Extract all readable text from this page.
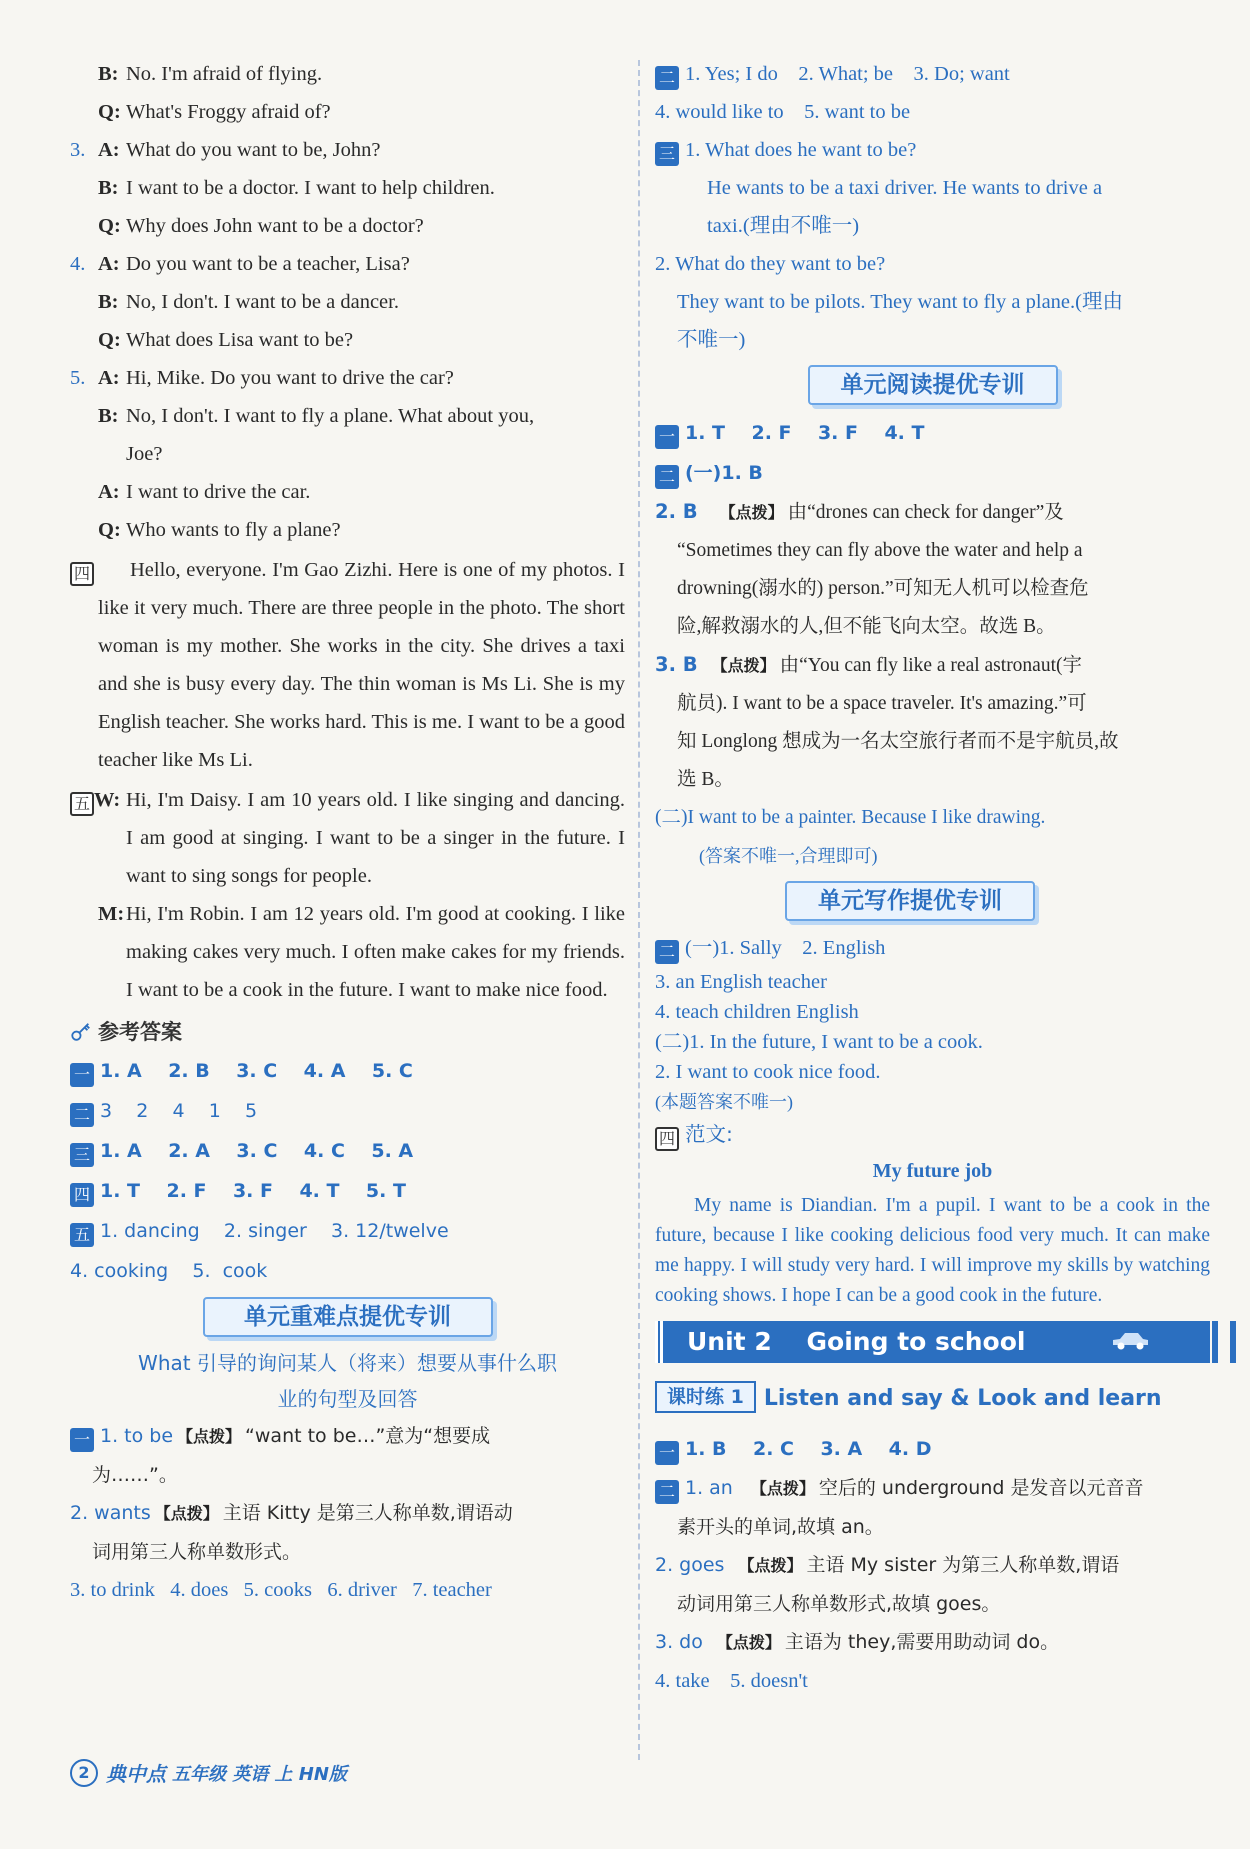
B: No. I'm afraid of flying.
Q: What's Froggy afraid of?
3. A: What do you want to be, John?
B: I want to be a doctor. I want to help children.
Q: Why does John want to be a doctor?
4. A: Do you want to be a teacher, Lisa?
B: No, I don't. I want to be a dancer.
Q: What does Lisa want to be?
5. A: Hi, Mike. Do you want to drive the car?
B: No, I don't. I want to fly a plane. What about you,
Joe?
A: I want to drive the car.
Q: Who wants to fly a plane?
四 Hello, everyone. I'm Gao Zizhi. Here is one of my photos. I like it very much. There are three people in the photo. The short woman is my mother. She works in the city. She drives a taxi and she is busy every day. The thin woman is Ms Li. She is my English teacher. She works hard. This is me. I want to be a good teacher like Ms Li.
五 W: Hi, I'm Daisy. I am 10 years old. I like singing and dancing. I am good at singing. I want to be a singer in the future. I want to sing songs for people.
M:Hi, I'm Robin. I am 12 years old. I'm good at cooking. I like making cakes very much. I often make cakes for my friends. I want to be a cook in the future. I want to make nice food.
参考答案
一 1. A    2. B    3. C    4. A    5. C
二 3    2    4    1    5
三 1. A    2. A    3. C    4. C    5. A
四 1. T    2. F    3. F    4. T    5. T
五 1. dancing    2. singer    3. 12/twelve
4. cooking    5.  cook
单元重难点提优专训
What 引导的询问某人（将来）想要从事什么职
业的句型及回答
一 1. to be 【点拨】 “want to be…”意为“想要成
为……”。
2. wants 【点拨】 主语 Kitty 是第三人称单数,谓语动
词用第三人称单数形式。
3. to drink   4. does   5. cooks   6. driver   7. teacher
二 1. Yes; I do    2. What; be    3. Do; want
4. would like to    5. want to be
三 1. What does he want to be?
He wants to be a taxi driver. He wants to drive a
taxi.(理由不唯一)
2. What do they want to be?
They want to be pilots. They want to fly a plane.(理由
不唯一)
单元阅读提优专训
一 1. T    2. F    3. F    4. T
二 (一)1. B
2. B 【点拨】 由“drones can check for danger”及
“Sometimes they can fly above the water and help a
drowning(溺水的) person.”可知无人机可以检查危
险,解救溺水的人,但不能飞向太空。故选 B。
3. B 【点拨】 由“You can fly like a real astronaut(宇
航员). I want to be a space traveler. It's amazing.”可
知 Longlong 想成为一名太空旅行者而不是宇航员,故
选 B。
(二)I want to be a painter. Because I like drawing.
(答案不唯一,合理即可)
单元写作提优专训
二 (一)1. Sally    2. English
3. an English teacher
4. teach children English
(二)1. In the future, I want to be a cook.
2. I want to cook nice food.
(本题答案不唯一)
四 范文:
My future job
My name is Diandian. I'm a pupil. I want to be a cook in the future, because I like cooking delicious food very much. It can make me happy. I will study very hard. I will improve my skills by watching cooking shows. I hope I can be a good cook in the future.
Unit 2    Going to school
课时练 1 Listen and say & Look and learn
一 1. B    2. C    3. A    4. D
二 1. an 【点拨】 空后的 underground 是发音以元音音
素开头的单词,故填 an。
2. goes 【点拨】 主语 My sister 为第三人称单数,谓语
动词用第三人称单数形式,故填 goes。
3. do 【点拨】 主语为 they,需要用助动词 do。
4. take    5. doesn't
2 典中点 五年级 英语 上 HN版
